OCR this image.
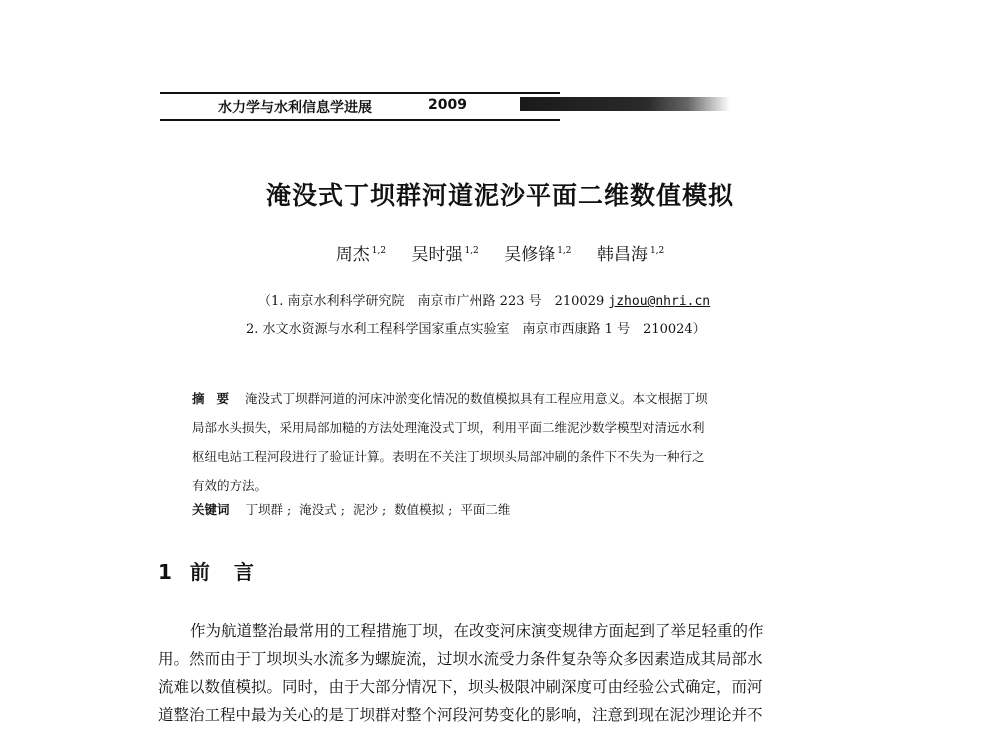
水力学与水利信息学进展	2009
淹没式丁坝群河道泥沙平面二维数值模拟
周杰 $^{1,2}$ 吴时强 $^{1,2}$ 吴修锋 $^{1,2}$ 韩昌海 $^{1,2}$
（1. 南京水利科学研究院　南京市广州路 223 号　210029 jzhou@nhri.cn
2. 水文水资源与水利工程科学国家重点实验室　南京市西康路 1 号　210024）
摘要 淹没式丁坝群河道的河床冲淤变化情况的数值模拟具有工程应用意义。本文根据丁坝
局部水头损失，采用局部加糙的方法处理淹没式丁坝，利用平面二维泥沙数学模型对清远水利
枢纽电站工程河段进行了验证计算。表明在不关注丁坝坝头局部冲刷的条件下不失为一种行之
有效的方法。
关键词 丁坝群 ; 淹没式 ; 泥沙 ; 数值模拟 ; 平面二维
1 前言
作为航道整治最常用的工程措施丁坝，在改变河床演变规律方面起到了举足轻重的作
用。然而由于丁坝坝头水流多为螺旋流，过坝水流受力条件复杂等众多因素造成其局部水
流难以数值模拟。同时，由于大部分情况下，坝头极限冲刷深度可由经验公式确定，而河
道整治工程中最为关心的是丁坝群对整个河段河势变化的影响，注意到现在泥沙理论并不
